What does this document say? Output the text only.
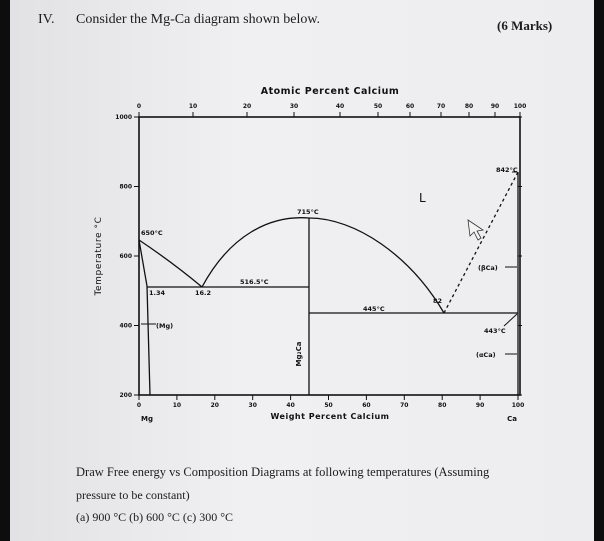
IV. Consider the Mg-Ca diagram shown below.	(6 Marks)
Atomic Percent Calcium
Weight Percent Calcium
Temperature °C
Mg	Ca
650°C
516.5°C
1.34	16.2
715°C
445°C
82
842°C
443°C
(Mg)
(βCa)
(αCa)
Mg₂Ca
L
0	10	20	30	40	50	60	70	80	90 100
0	10	20	30	40	50	60	70	80	90	100
200
400
600
800
1000
Draw Free energy vs Composition Diagrams at following temperatures (Assuming
pressure to be constant)
(a) 900 °C (b) 600 °C (c) 300 °C
